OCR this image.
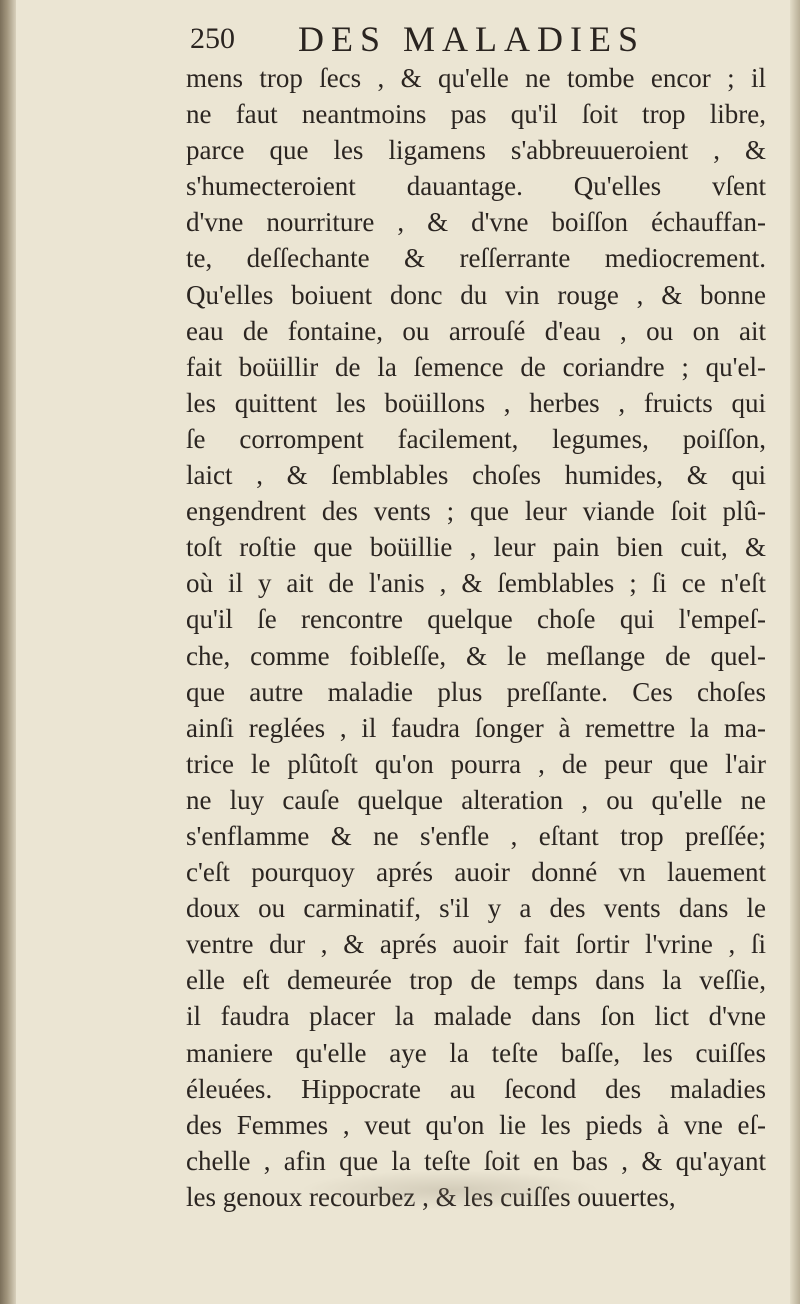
250 DES MALADIES
mens trop ſecs , & qu'elle ne tombe encor ; il
ne faut neantmoins pas qu'il ſoit trop libre,
parce que les ligamens s'abbreuueroient , &
s'humecteroient dauantage. Qu'elles vſent
d'vne nourriture , & d'vne boiſſon échauffan-
te, deſſechante & reſſerrante mediocrement.
Qu'elles boiuent donc du vin rouge , & bonne
eau de fontaine, ou arrouſé d'eau , ou on ait
fait boüillir de la ſemence de coriandre ; qu'el-
les quittent les boüillons , herbes , fruicts qui
ſe corrompent facilement, legumes, poiſſon,
laict , & ſemblables choſes humides, & qui
engendrent des vents ; que leur viande ſoit plû-
toſt roſtie que boüillie , leur pain bien cuit, &
où il y ait de l'anis , & ſemblables ; ſi ce n'eſt
qu'il ſe rencontre quelque choſe qui l'empeſ-
che, comme foibleſſe, & le meſlange de quel-
que autre maladie plus preſſante. Ces choſes
ainſi reglées , il faudra ſonger à remettre la ma-
trice le plûtoſt qu'on pourra , de peur que l'air
ne luy cauſe quelque alteration , ou qu'elle ne
s'enflamme & ne s'enfle , eſtant trop preſſée;
c'eſt pourquoy aprés auoir donné vn lauement
doux ou carminatif, s'il y a des vents dans le
ventre dur , & aprés auoir fait ſortir l'vrine , ſi
elle eſt demeurée trop de temps dans la veſſie,
il faudra placer la malade dans ſon lict d'vne
maniere qu'elle aye la teſte baſſe, les cuiſſes
éleuées. Hippocrate au ſecond des maladies
des Femmes , veut qu'on lie les pieds à vne eſ-
chelle , afin que la teſte ſoit en bas , & qu'ayant
les genoux recourbez , & les cuiſſes ouuertes,
